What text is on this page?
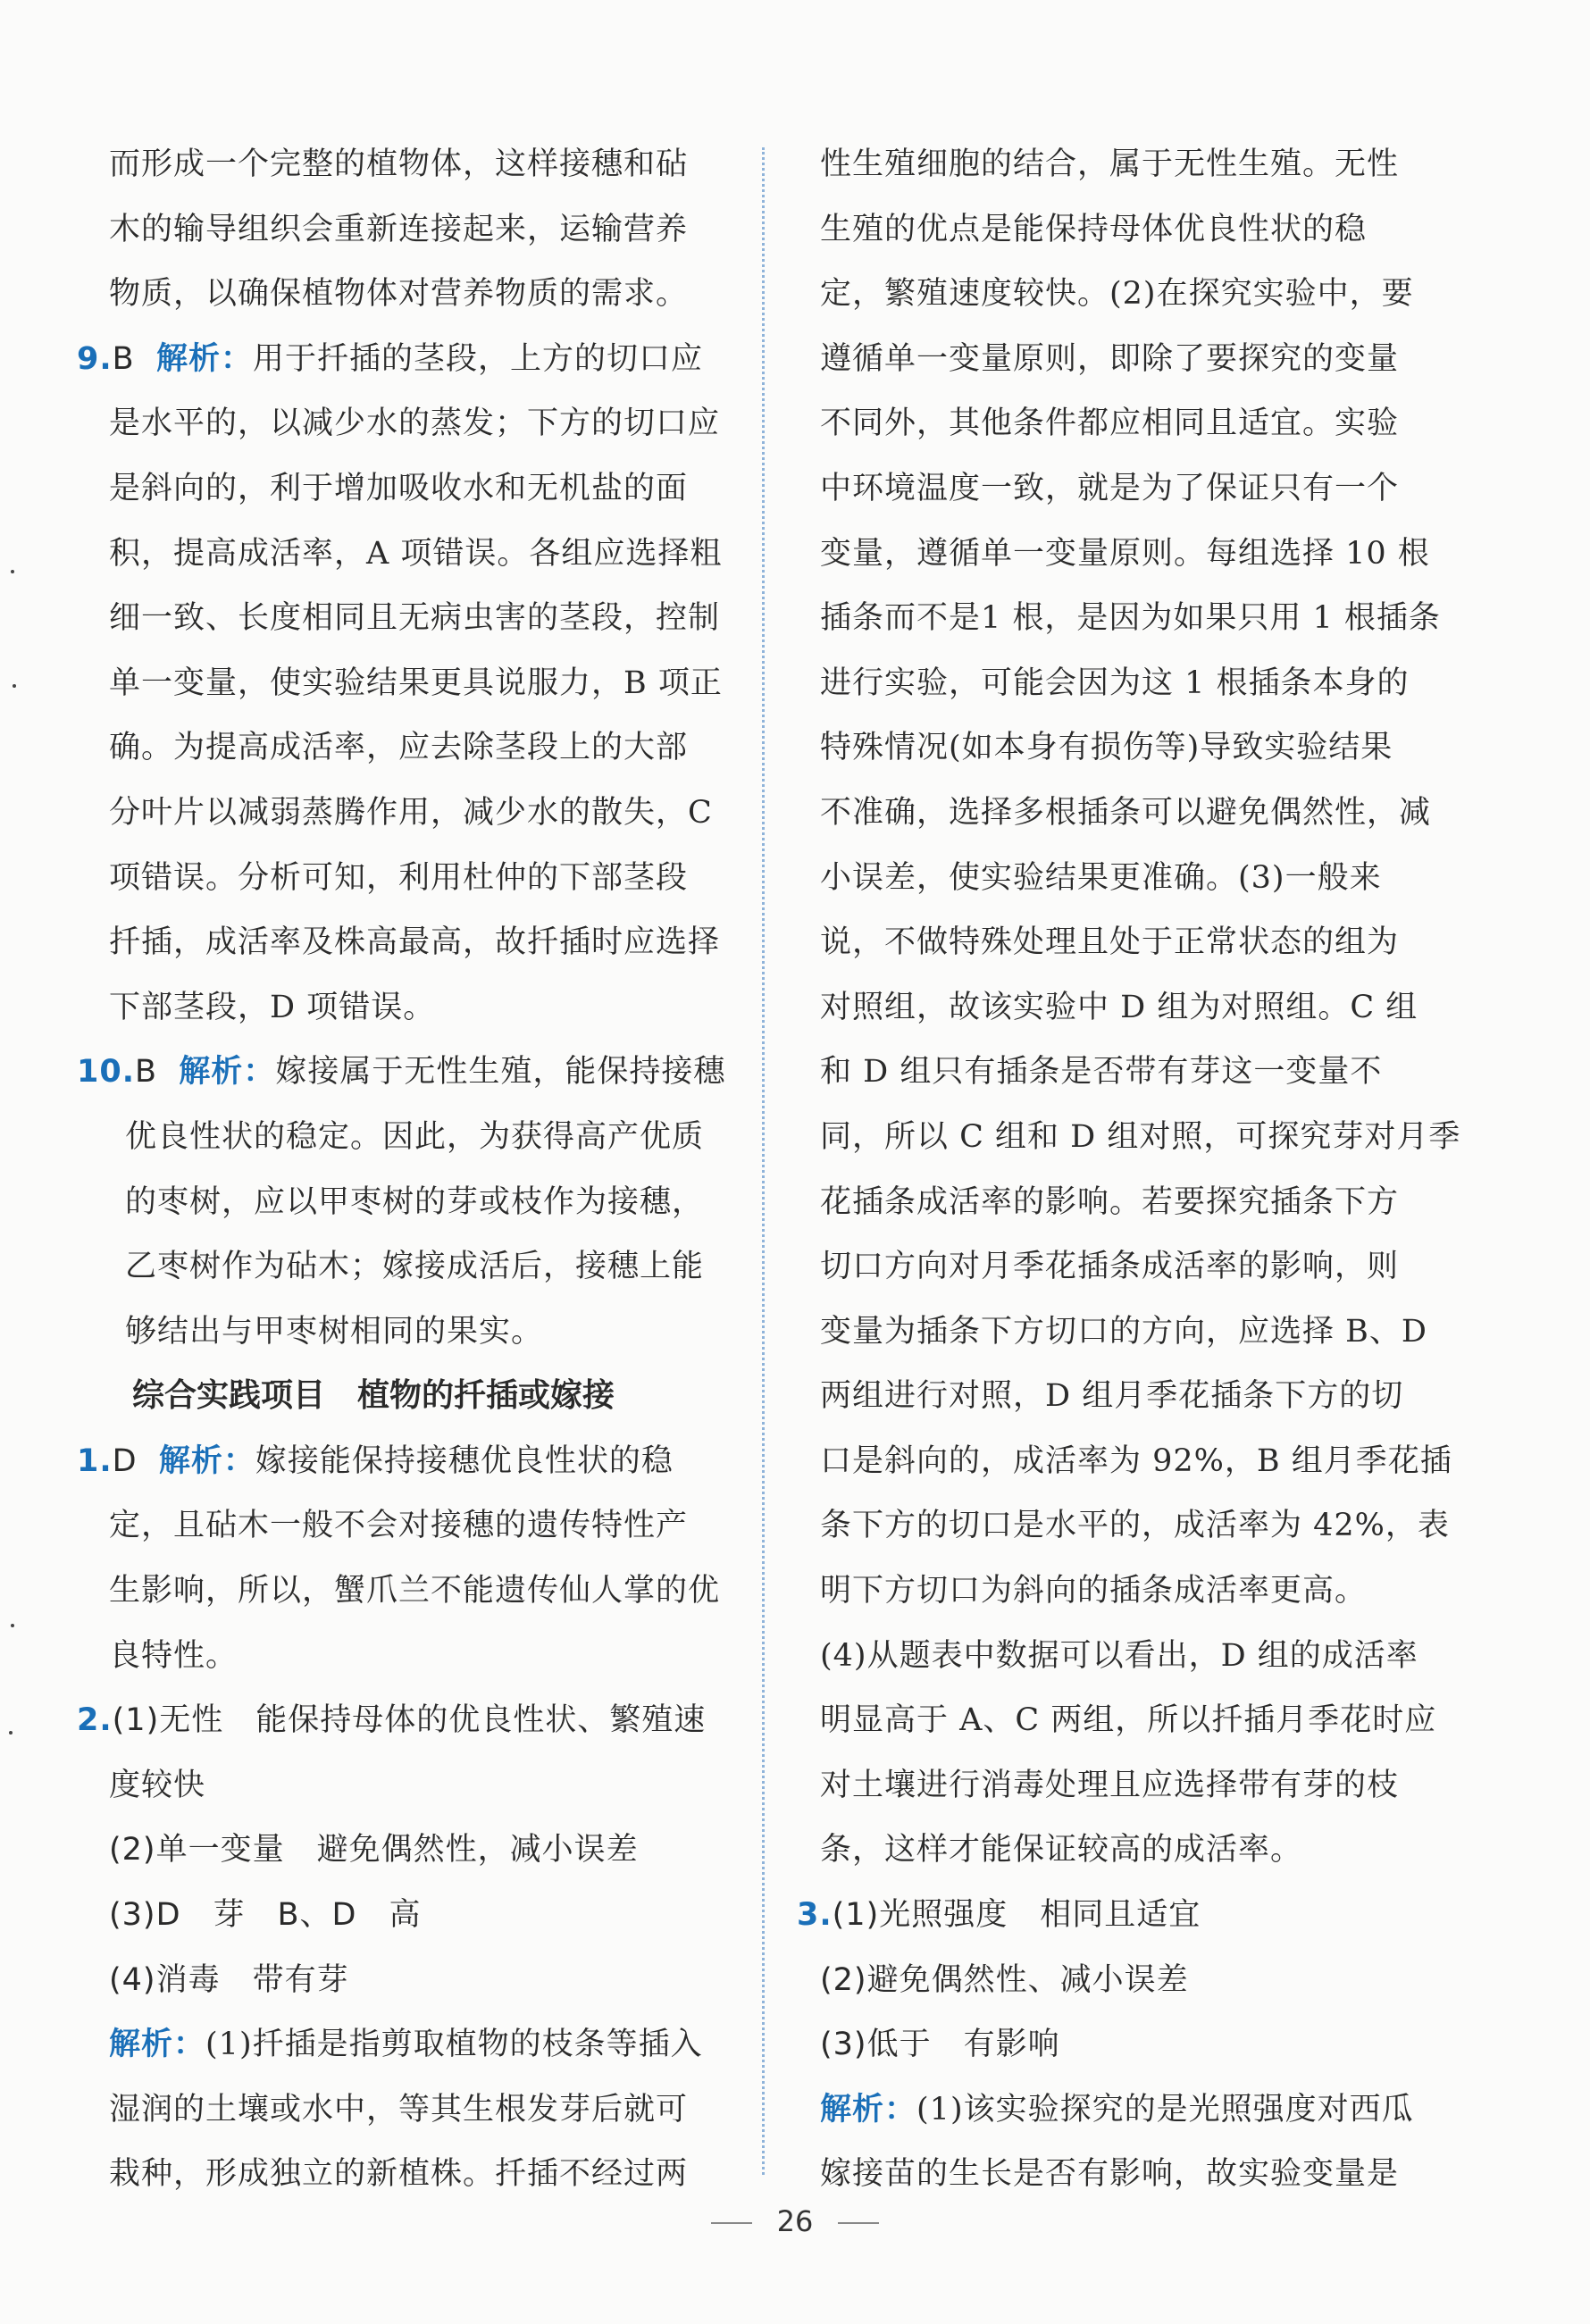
而形成一个完整的植物体，这样接穗和砧
木的输导组织会重新连接起来，运输营养
物质，以确保植物体对营养物质的需求。
9.B 解析：用于扦插的茎段，上方的切口应
是水平的，以减少水的蒸发；下方的切口应
是斜向的，利于增加吸收水和无机盐的面
积，提高成活率，A 项错误。各组应选择粗
细一致、长度相同且无病虫害的茎段，控制
单一变量，使实验结果更具说服力，B 项正
确。为提高成活率，应去除茎段上的大部
分叶片以减弱蒸腾作用，减少水的散失，C
项错误。分析可知，利用杜仲的下部茎段
扦插，成活率及株高最高，故扦插时应选择
下部茎段，D 项错误。
10.B 解析：嫁接属于无性生殖，能保持接穗
优良性状的稳定。因此，为获得高产优质
的枣树，应以甲枣树的芽或枝作为接穗，
乙枣树作为砧木；嫁接成活后，接穗上能
够结出与甲枣树相同的果实。
综合实践项目　植物的扦插或嫁接
1.D 解析：嫁接能保持接穗优良性状的稳
定，且砧木一般不会对接穗的遗传特性产
生影响，所以，蟹爪兰不能遗传仙人掌的优
良特性。
2.(1)无性　能保持母体的优良性状、繁殖速
度较快
(2)单一变量　避免偶然性，减小误差
(3)D　芽　B、D　高
(4)消毒　带有芽
解析：(1)扦插是指剪取植物的枝条等插入
湿润的土壤或水中，等其生根发芽后就可
栽种，形成独立的新植株。扦插不经过两
性生殖细胞的结合，属于无性生殖。无性
生殖的优点是能保持母体优良性状的稳
定，繁殖速度较快。(2)在探究实验中，要
遵循单一变量原则，即除了要探究的变量
不同外，其他条件都应相同且适宜。实验
中环境温度一致，就是为了保证只有一个
变量，遵循单一变量原则。每组选择 10 根
插条而不是1 根，是因为如果只用 1 根插条
进行实验，可能会因为这 1 根插条本身的
特殊情况(如本身有损伤等)导致实验结果
不准确，选择多根插条可以避免偶然性，减
小误差，使实验结果更准确。(3)一般来
说，不做特殊处理且处于正常状态的组为
对照组，故该实验中 D 组为对照组。C 组
和 D 组只有插条是否带有芽这一变量不
同，所以 C 组和 D 组对照，可探究芽对月季
花插条成活率的影响。若要探究插条下方
切口方向对月季花插条成活率的影响，则
变量为插条下方切口的方向，应选择 B、D
两组进行对照，D 组月季花插条下方的切
口是斜向的，成活率为 92%，B 组月季花插
条下方的切口是水平的，成活率为 42%，表
明下方切口为斜向的插条成活率更高。
(4)从题表中数据可以看出，D 组的成活率
明显高于 A、C 两组，所以扦插月季花时应
对土壤进行消毒处理且应选择带有芽的枝
条，这样才能保证较高的成活率。
3.(1)光照强度　相同且适宜
(2)避免偶然性、减小误差
(3)低于　有影响
解析：(1)该实验探究的是光照强度对西瓜
嫁接苗的生长是否有影响，故实验变量是
26
